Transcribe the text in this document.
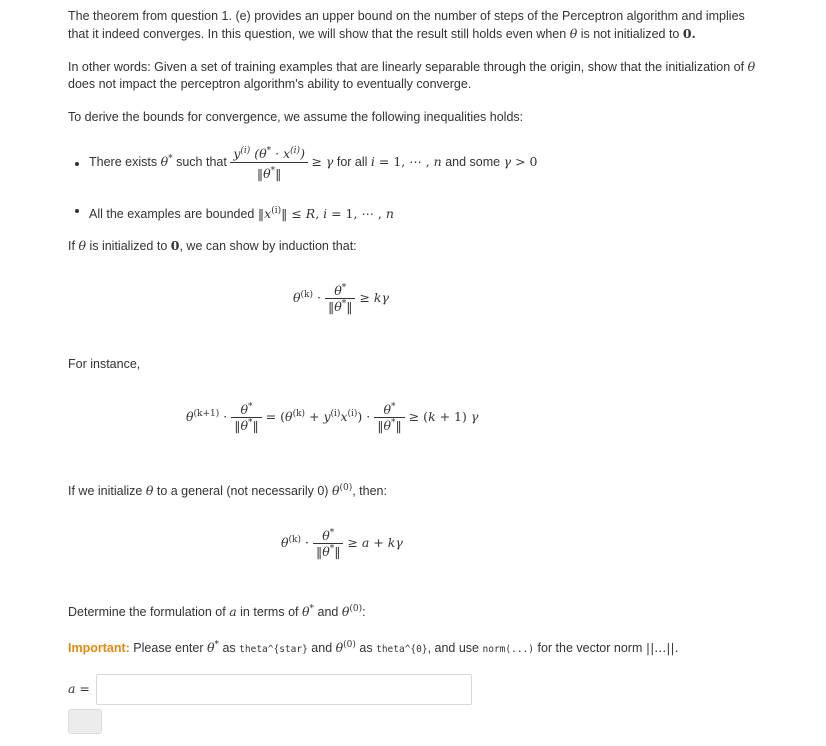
The theorem from question 1. (e) provides an upper bound on the number of steps of the Perceptron algorithm and implies
that it indeed converges. In this question, we will show that the result still holds even when θ is not initialized to 0.
In other words: Given a set of training examples that are linearly separable through the origin, show that the initialization of θ
does not impact the perceptron algorithm's ability to eventually converge.
To derive the bounds for convergence, we assume the following inequalities holds:
There exists θ* such that $\frac{y^{(i)} (\theta^* \cdot x^{(i)})}{‖\theta^*‖} \ge \gamma$ for all i = 1, ⋯ , n and some γ > 0
All the examples are bounded $‖x^{(i)}‖ \le R$, i = 1, ⋯ , n
If θ is initialized to 0, we can show by induction that:
$\theta^{(k)} \cdot \frac{\theta^*}{‖\theta^*‖} \ge k\gamma$
For instance,
$\theta^{(k+1)} \cdot \frac{\theta^*}{‖\theta^*‖} = (\theta^{(k)} + y^{(i)}x^{(i)}) \cdot \frac{\theta^*}{‖\theta^*‖} \ge (k + 1)$ γ
If we initialize θ to a general (not necessarily 0) $\theta^{(0)}$, then:
$\theta^{(k)} \cdot \frac{\theta^*}{‖\theta^*‖} \ge a + k\gamma$
Determine the formulation of a in terms of θ* and $\theta^{(0)}$:
Important: Please enter θ* as theta^{star} and $\theta^{(0)}$ as theta^{0}, and use norm(...) for the vector norm ||...||.
a =
